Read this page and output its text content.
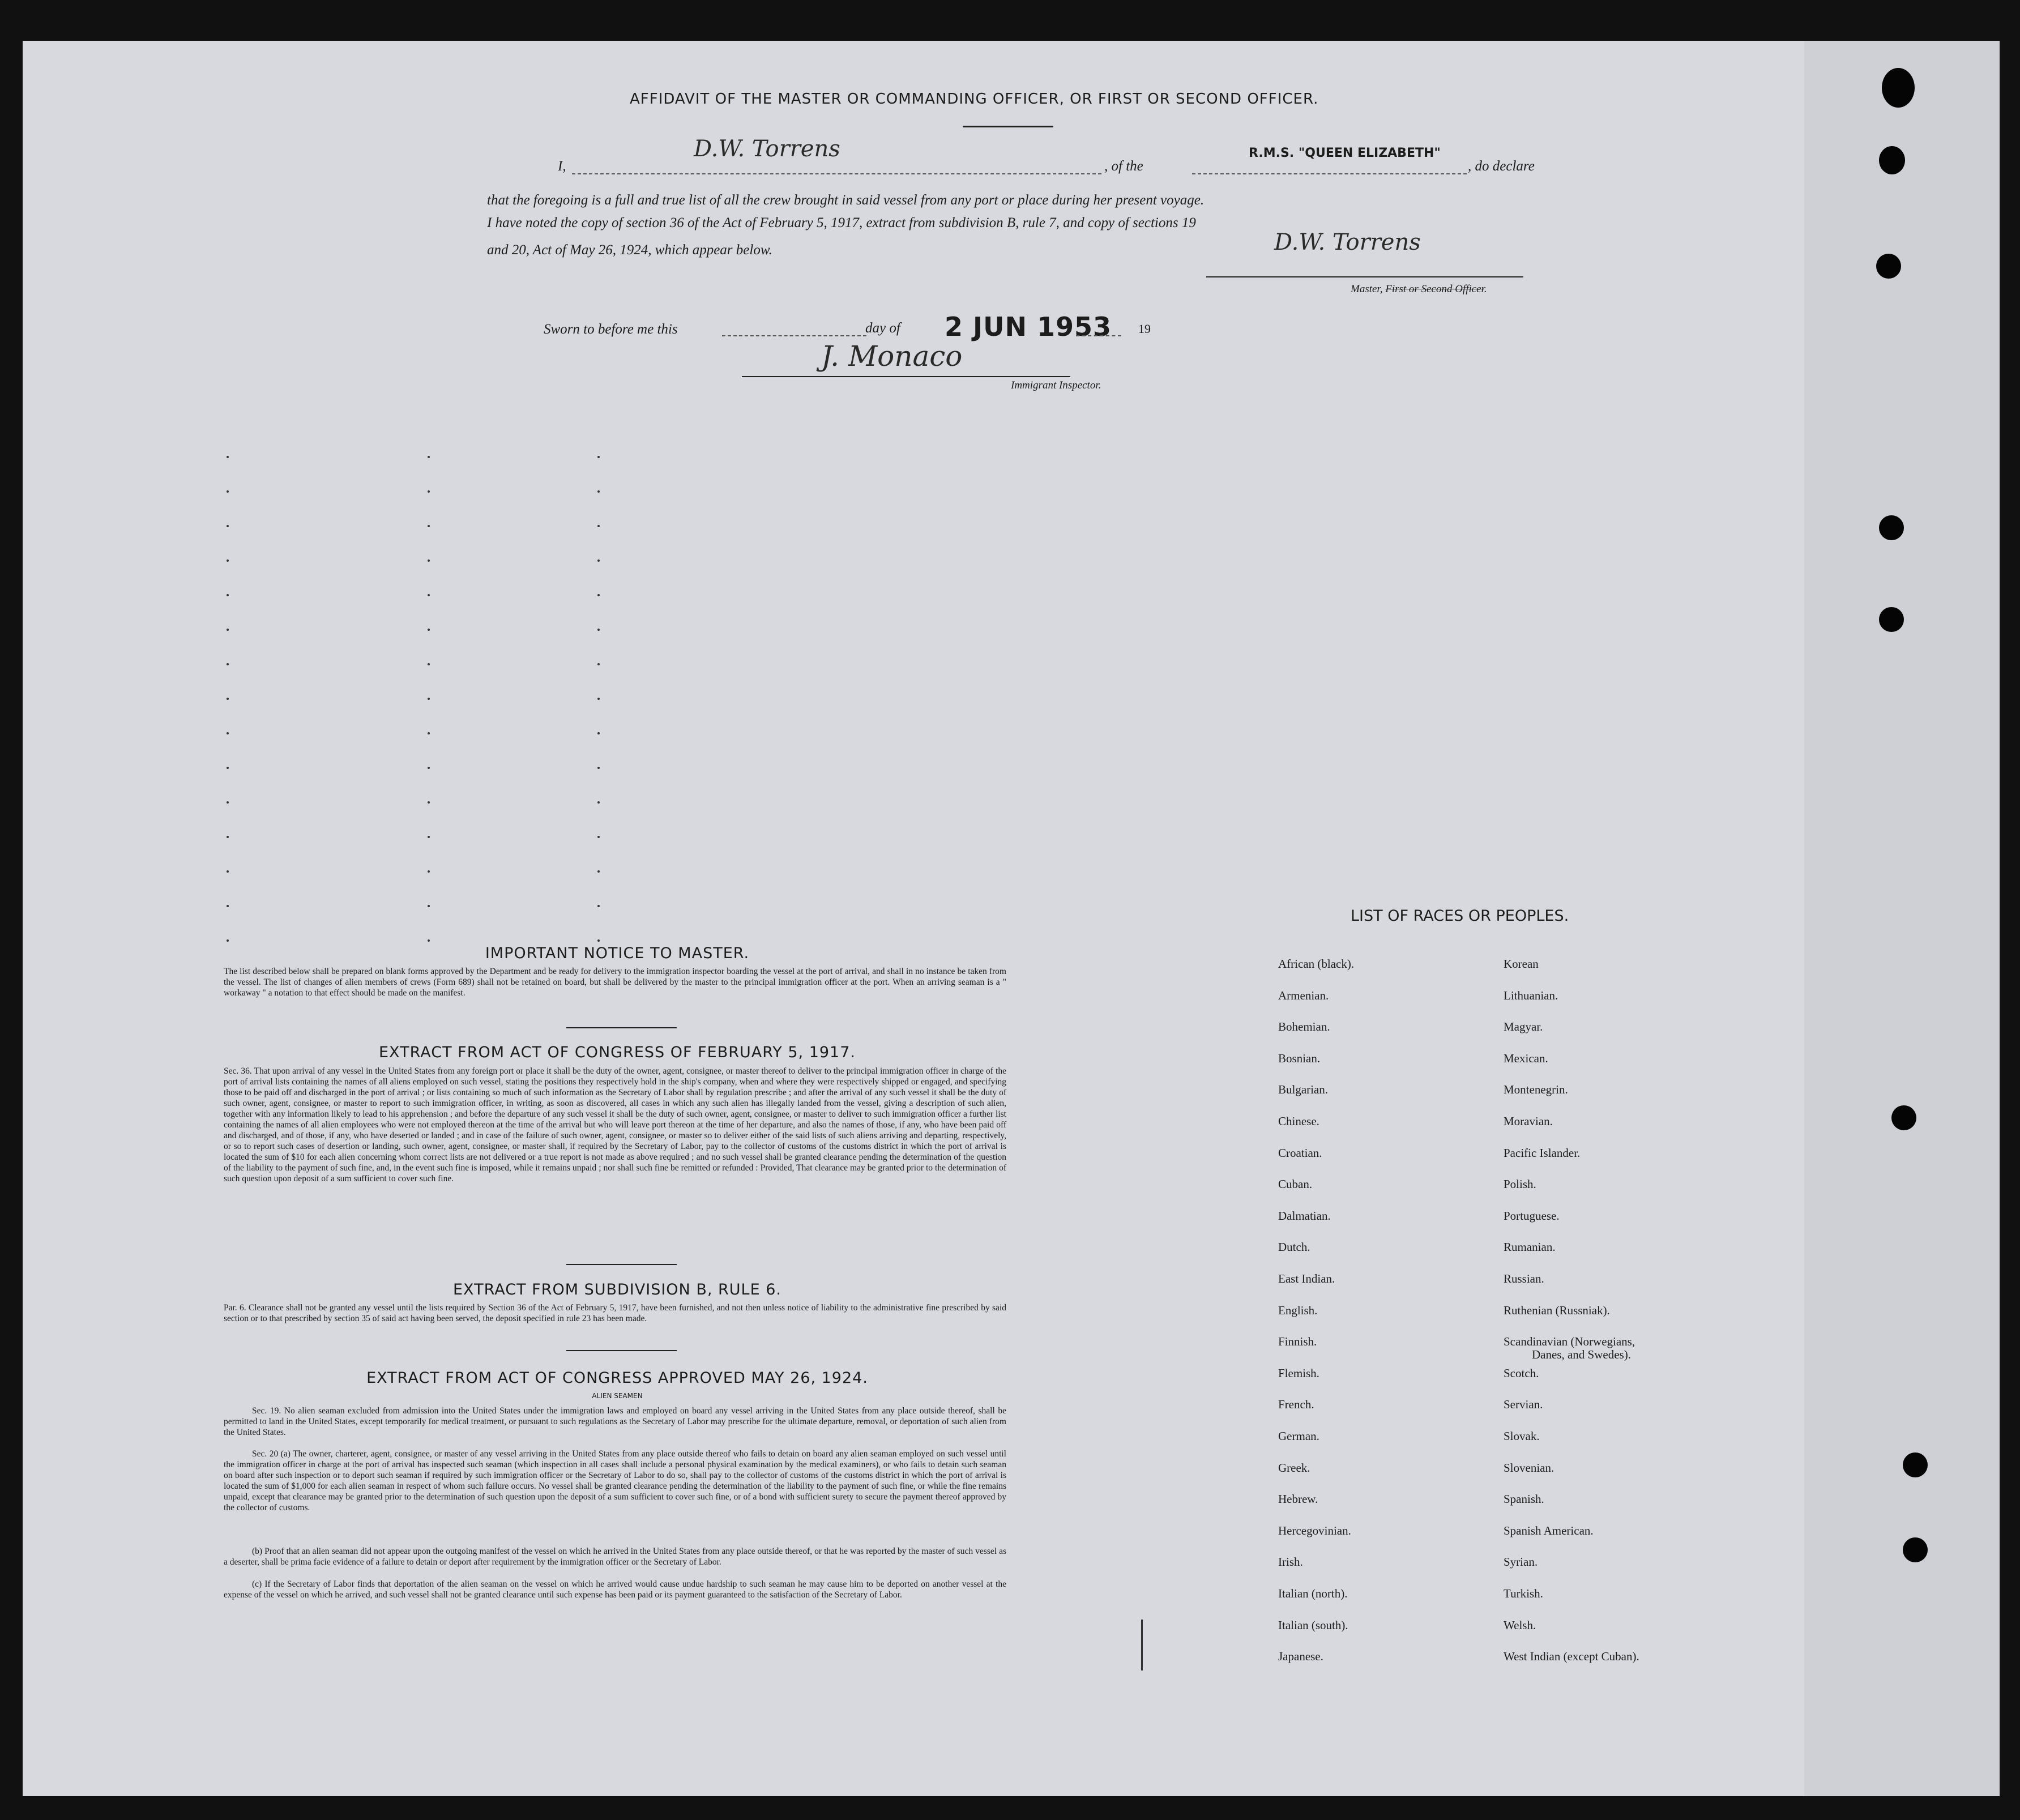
AFFIDAVIT OF THE MASTER OR COMMANDING OFFICER, OR FIRST OR SECOND OFFICER.
I,
D.W. Torrens
, of the
R.M.S. "QUEEN ELIZABETH"
, do declare
that the foregoing is a full and true list of all the crew brought in said vessel from any port or place during her present voyage.
I have noted the copy of section 36 of the Act of February 5, 1917, extract from subdivision B, rule 7, and copy of sections 19
and 20, Act of May 26, 1924, which appear below.	D.W. Torrens
Master, First or Second Officer.
Sworn to before me this	day of 2 JUN 1953 19
J. Monaco
Immigrant Inspector.
IMPORTANT NOTICE TO MASTER.
The list described below shall be prepared on blank forms approved by the Department and be ready for delivery to the immigration inspector boarding the vessel at the port of arrival, and shall in no instance be taken from the vessel. The list of changes of alien members of crews (Form 689) shall not be retained on board, but shall be delivered by the master to the principal immigration officer at the port. When an arriving seaman is a " workaway " a notation to that effect should be made on the manifest.
EXTRACT FROM ACT OF CONGRESS OF FEBRUARY 5, 1917.
Sec. 36. That upon arrival of any vessel in the United States from any foreign port or place it shall be the duty of the owner, agent, consignee, or master thereof to deliver to the principal immigration officer in charge of the port of arrival lists containing the names of all aliens employed on such vessel, stating the positions they respectively hold in the ship's company, when and where they were respectively shipped or engaged, and specifying those to be paid off and discharged in the port of arrival ; or lists containing so much of such information as the Secretary of Labor shall by regulation prescribe ; and after the arrival of any such vessel it shall be the duty of such owner, agent, consignee, or master to report to such immigration officer, in writing, as soon as discovered, all cases in which any such alien has illegally landed from the vessel, giving a description of such alien, together with any information likely to lead to his apprehension ; and before the departure of any such vessel it shall be the duty of such owner, agent, consignee, or master to deliver to such immigration officer a further list containing the names of all alien employees who were not employed thereon at the time of the arrival but who will leave port thereon at the time of her departure, and also the names of those, if any, who have been paid off and discharged, and of those, if any, who have deserted or landed ; and in case of the failure of such owner, agent, consignee, or master so to deliver either of the said lists of such aliens arriving and departing, respectively, or so to report such cases of desertion or landing, such owner, agent, consignee, or master shall, if required by the Secretary of Labor, pay to the collector of customs of the customs district in which the port of arrival is located the sum of $10 for each alien concerning whom correct lists are not delivered or a true report is not made as above required ; and no such vessel shall be granted clearance pending the determination of the question of the liability to the payment of such fine, and, in the event such fine is imposed, while it remains unpaid ; nor shall such fine be remitted or refunded : Provided, That clearance may be granted prior to the determination of such question upon deposit of a sum sufficient to cover such fine.
EXTRACT FROM SUBDIVISION B, RULE 6.
Par. 6. Clearance shall not be granted any vessel until the lists required by Section 36 of the Act of February 5, 1917, have been furnished, and not then unless notice of liability to the administrative fine prescribed by said section or to that prescribed by section 35 of said act having been served, the deposit specified in rule 23 has been made.
EXTRACT FROM ACT OF CONGRESS APPROVED MAY 26, 1924.
ALIEN SEAMEN
Sec. 19. No alien seaman excluded from admission into the United States under the immigration laws and employed on board any vessel arriving in the United States from any place outside thereof, shall be permitted to land in the United States, except temporarily for medical treatment, or pursuant to such regulations as the Secretary of Labor may prescribe for the ultimate departure, removal, or deportation of such alien from the United States.
Sec. 20 (a) The owner, charterer, agent, consignee, or master of any vessel arriving in the United States from any place outside thereof who fails to detain on board any alien seaman employed on such vessel until the immigration officer in charge at the port of arrival has inspected such seaman (which inspection in all cases shall include a personal physical examination by the medical examiners), or who fails to detain such seaman on board after such inspection or to deport such seaman if required by such immigration officer or the Secretary of Labor to do so, shall pay to the collector of customs of the customs district in which the port of arrival is located the sum of $1,000 for each alien seaman in respect of whom such failure occurs. No vessel shall be granted clearance pending the determination of the liability to the payment of such fine, or while the fine remains unpaid, except that clearance may be granted prior to the determination of such question upon the deposit of a sum sufficient to cover such fine, or of a bond with sufficient surety to secure the payment thereof approved by the collector of customs.
(b) Proof that an alien seaman did not appear upon the outgoing manifest of the vessel on which he arrived in the United States from any place outside thereof, or that he was reported by the master of such vessel as a deserter, shall be prima facie evidence of a failure to detain or deport after requirement by the immigration officer or the Secretary of Labor.
(c) If the Secretary of Labor finds that deportation of the alien seaman on the vessel on which he arrived would cause undue hardship to such seaman he may cause him to be deported on another vessel at the expense of the vessel on which he arrived, and such vessel shall not be granted clearance until such expense has been paid or its payment guaranteed to the satisfaction of the Secretary of Labor.
LIST OF RACES OR PEOPLES.
African (black).
Armenian.
Bohemian.
Bosnian.
Bulgarian.
Chinese.
Croatian.
Cuban.
Dalmatian.
Dutch.
East Indian.
English.
Finnish.
Flemish.
French.
German.
Greek.
Hebrew.
Hercegovinian.
Irish.
Italian (north).
Italian (south).
Japanese.
Korean
Lithuanian.
Magyar.
Mexican.
Montenegrin.
Moravian.
Pacific Islander.
Polish.
Portuguese.
Rumanian.
Russian.
Ruthenian (Russniak).
Scandinavian (Norwegians,
Scotch.
Servian.
Slovak.
Slovenian.
Spanish.
Spanish American.
Syrian.
Turkish.
Welsh.
West Indian (except Cuban).
Danes, and Swedes).
